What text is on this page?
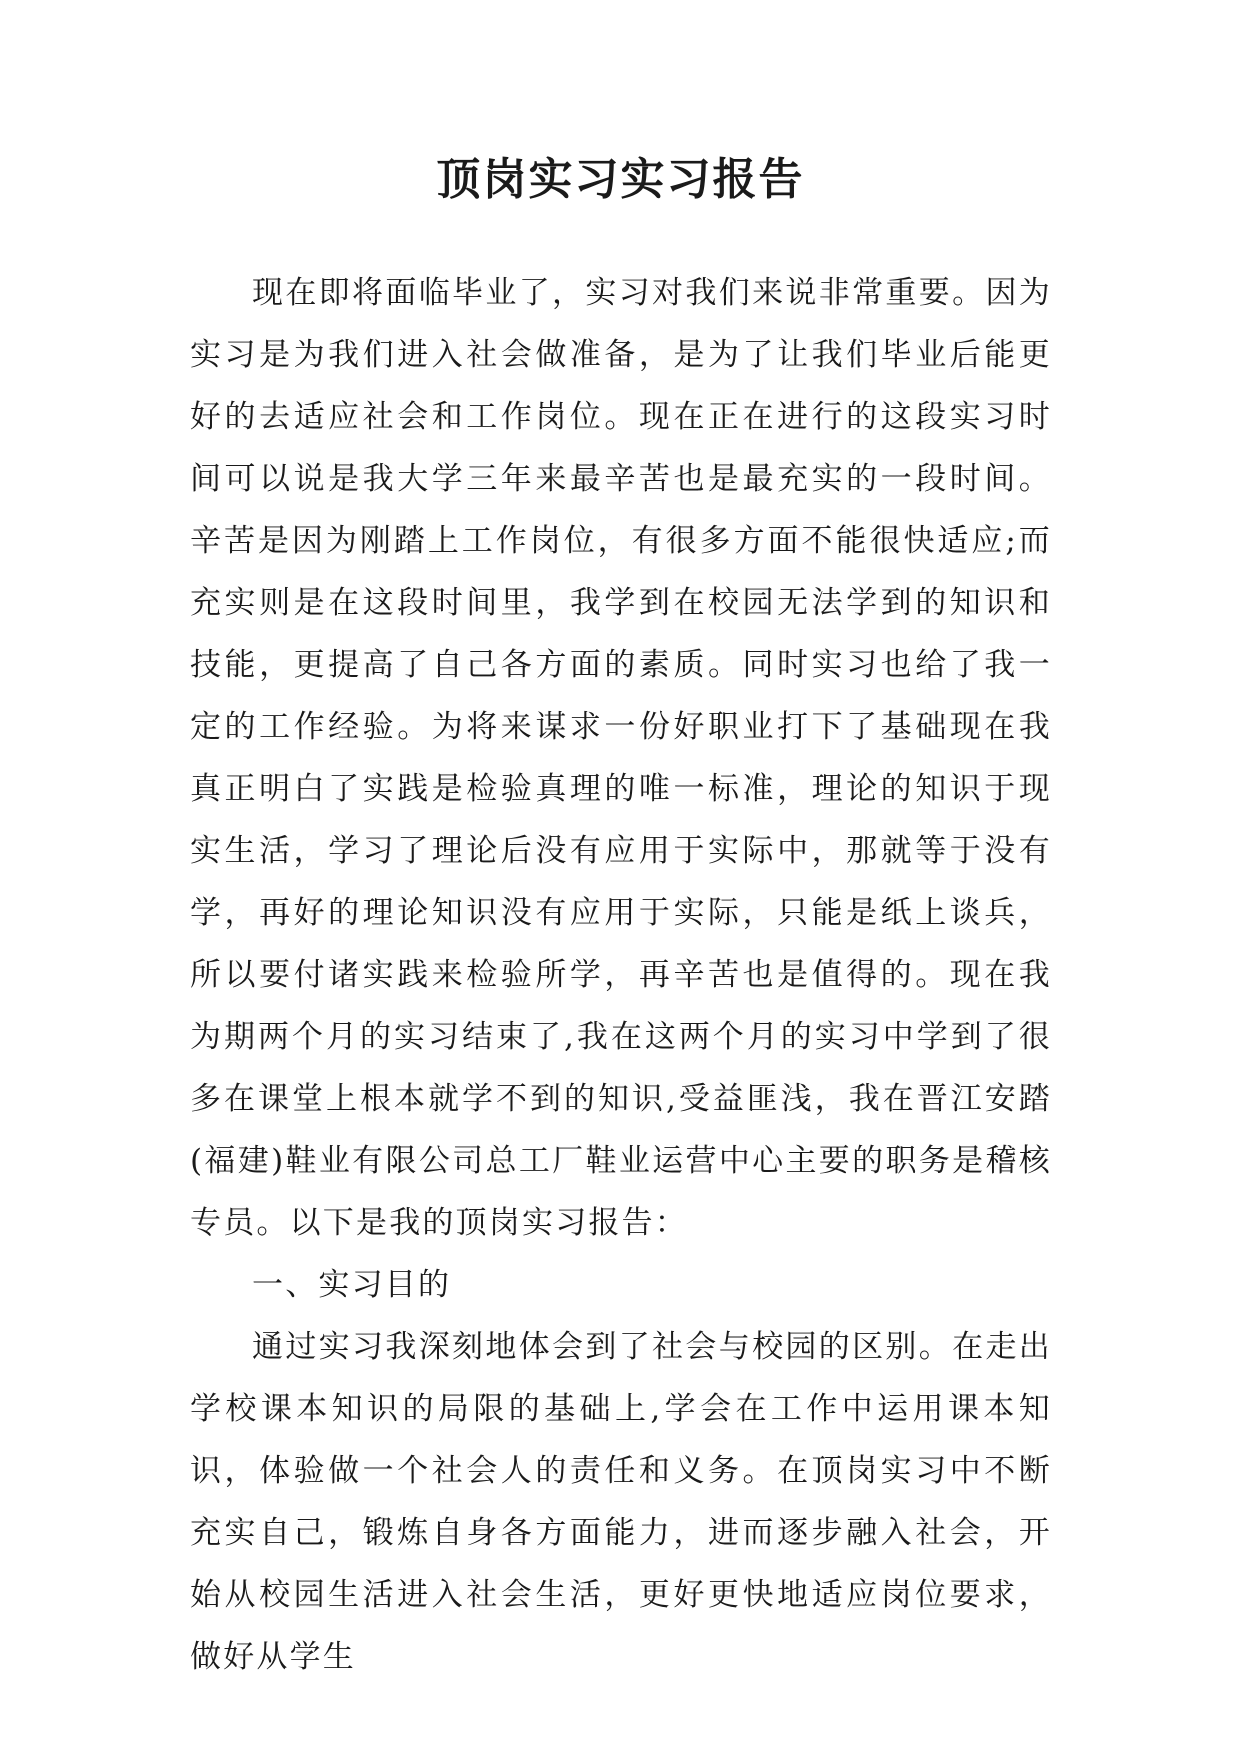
顶岗实习实习报告

现在即将面临毕业了，实习对我们来说非常重要。因为实习是为我们进入社会做准备，是为了让我们毕业后能更好的去适应社会和工作岗位。现在正在进行的这段实习时间可以说是我大学三年来最辛苦也是最充实的一段时间。辛苦是因为刚踏上工作岗位，有很多方面不能很快适应;而充实则是在这段时间里，我学到在校园无法学到的知识和技能，更提高了自己各方面的素质。同时实习也给了我一定的工作经验。为将来谋求一份好职业打下了基础现在我真正明白了实践是检验真理的唯一标准，理论的知识于现实生活，学习了理论后没有应用于实际中，那就等于没有学，再好的理论知识没有应用于实际，只能是纸上谈兵，所以要付诸实践来检验所学，再辛苦也是值得的。现在我为期两个月的实习结束了,我在这两个月的实习中学到了很多在课堂上根本就学不到的知识,受益匪浅，我在晋江安踏(福建)鞋业有限公司总工厂鞋业运营中心主要的职务是稽核专员。以下是我的顶岗实习报告：

一、实习目的

通过实习我深刻地体会到了社会与校园的区别。在走出学校课本知识的局限的基础上,学会在工作中运用课本知识，体验做一个社会人的责任和义务。在顶岗实习中不断充实自己，锻炼自身各方面能力，进而逐步融入社会，开始从校园生活进入社会生活，更好更快地适应岗位要求，做好从学生
